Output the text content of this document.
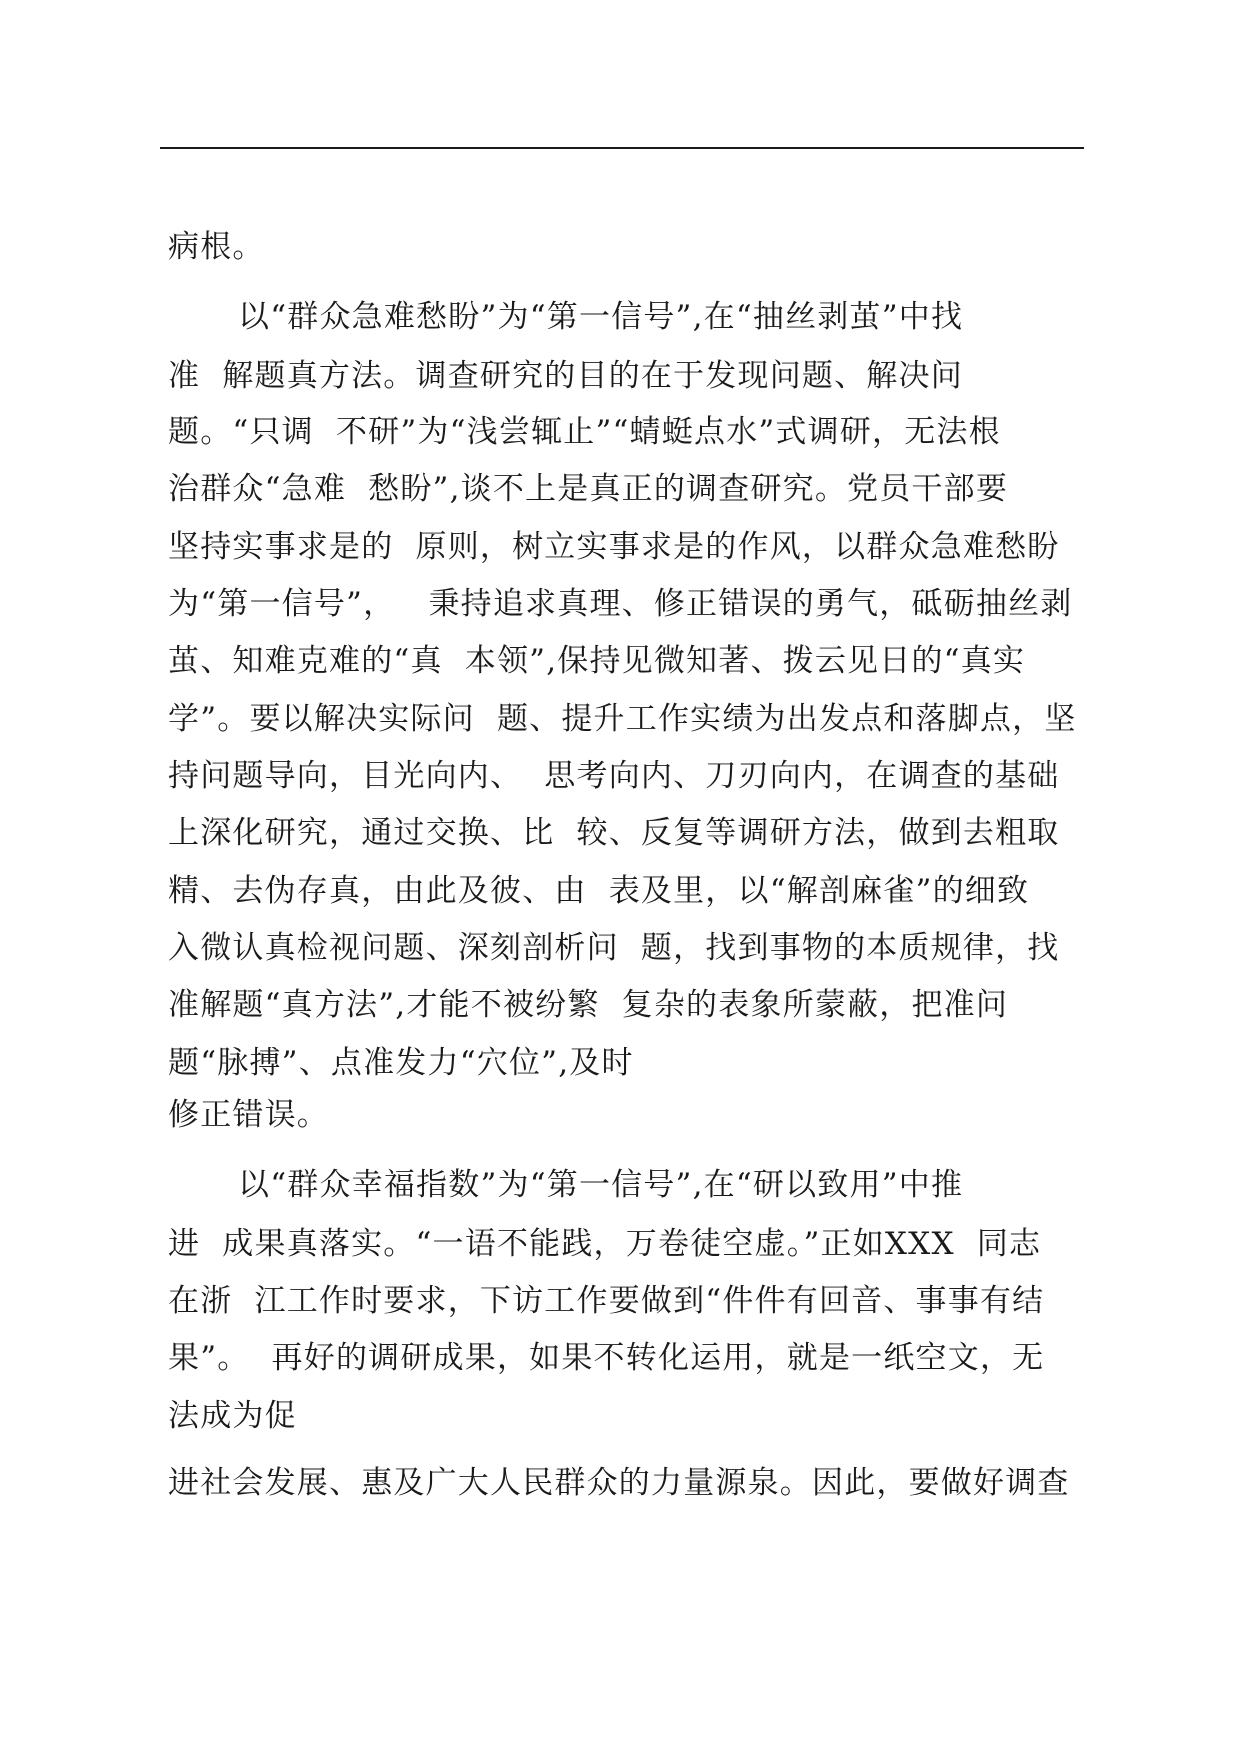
病根。
以“群众急难愁盼”为“第一信号”,在“抽丝剥茧”中找
准  解题真方法。调查研究的目的在于发现问题、解决问
题。“只调  不研”为“浅尝辄止”“蜻蜓点水”式调研，无法根
治群众“急难  愁盼”,谈不上是真正的调查研究。党员干部要
坚持实事求是的  原则，树立实事求是的作风，以群众急难愁盼
为“第一信号”，   秉持追求真理、修正错误的勇气，砥砺抽丝剥
茧、知难克难的“真  本领”,保持见微知著、拨云见日的“真实
学”。要以解决实际问  题、提升工作实绩为出发点和落脚点，坚
持问题导向，目光向内、  思考向内、刀刃向内，在调查的基础
上深化研究，通过交换、比  较、反复等调研方法，做到去粗取
精、去伪存真，由此及彼、由  表及里，以“解剖麻雀”的细致
入微认真检视问题、深刻剖析问  题，找到事物的本质规律，找
准解题“真方法”,才能不被纷繁  复杂的表象所蒙蔽，把准问
题“脉搏”、点准发力“穴位”,及时
修正错误。
以“群众幸福指数”为“第一信号”,在“研以致用”中推
进  成果真落实。“一语不能践，万卷徒空虚。”正如XXX  同志
在浙  江工作时要求，下访工作要做到“件件有回音、事事有结
果”。  再好的调研成果，如果不转化运用，就是一纸空文，无
法成为促
进社会发展、惠及广大人民群众的力量源泉。因此，要做好调查
